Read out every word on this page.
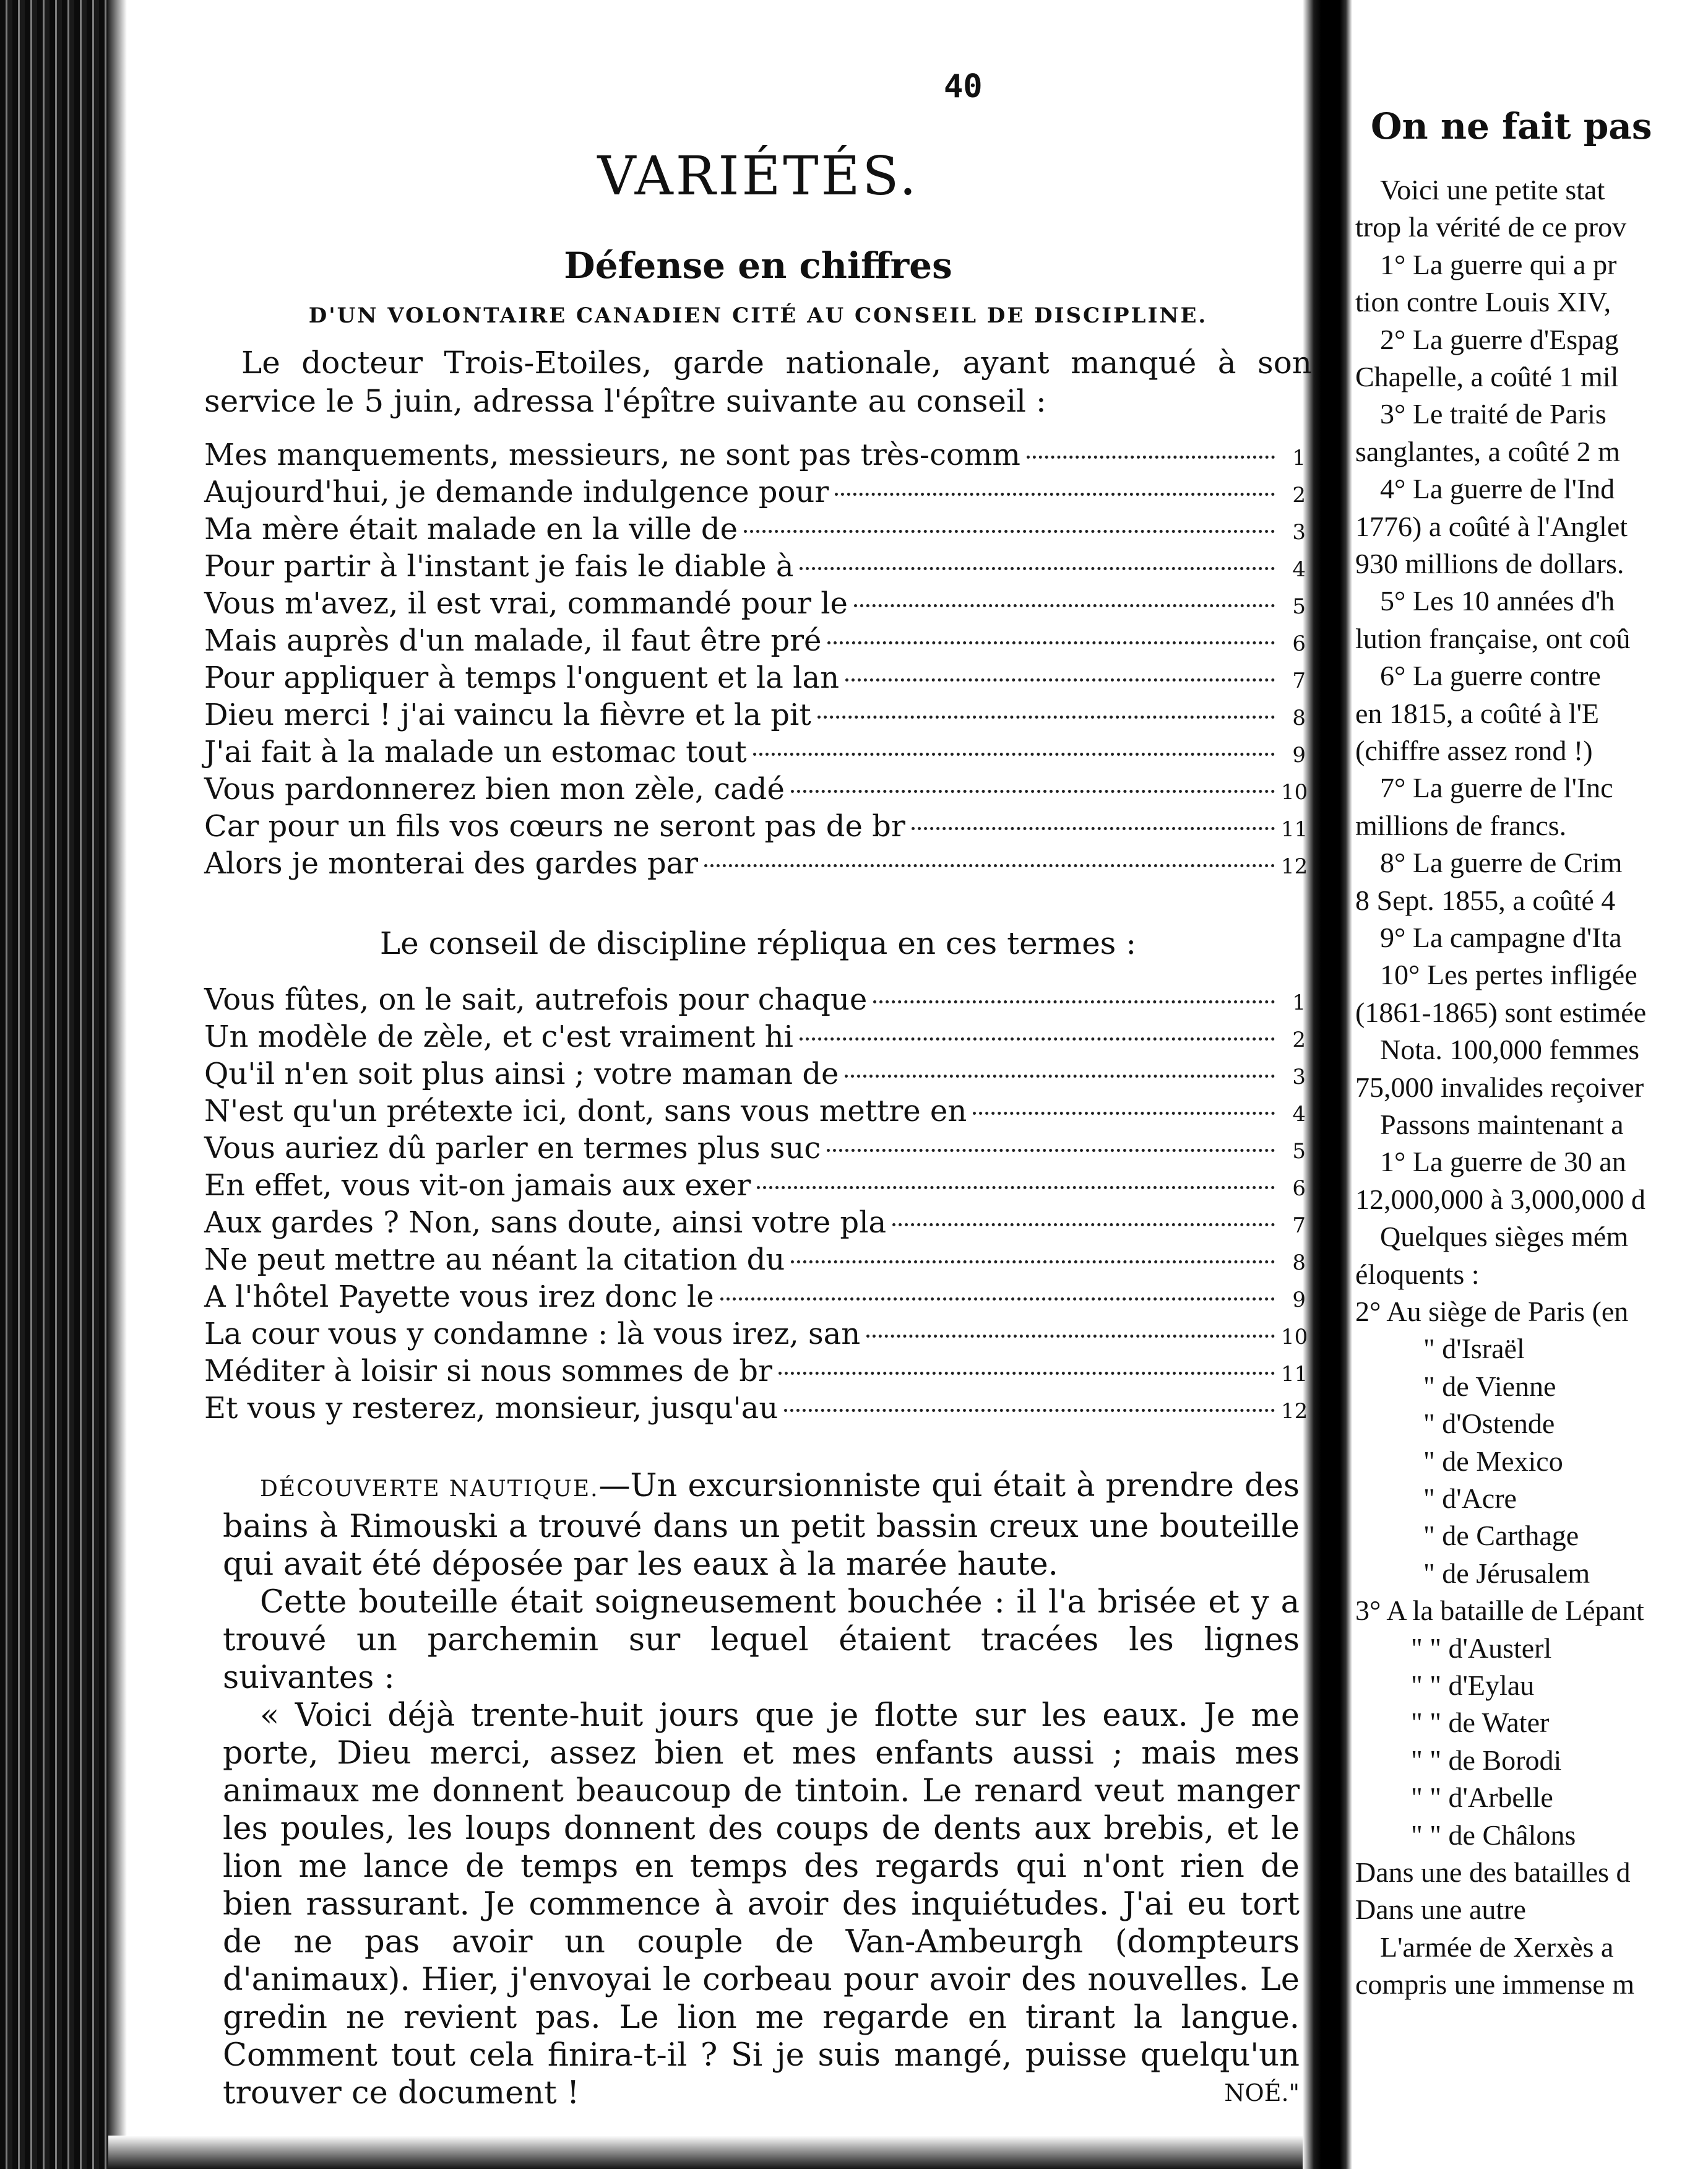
40
VARIÉTÉS.
Défense en chiffres
D'UN VOLONTAIRE CANADIEN CITÉ AU CONSEIL DE DISCIPLINE.
Le docteur Trois-Etoiles, garde nationale, ayant manqué à son service le 5 juin, adressa l'épître suivante au conseil :
Mes manquements, messieurs, ne sont pas très-comm	1
Aujourd'hui, je demande indulgence pour	2
Ma mère était malade en la ville de	3
Pour partir à l'instant je fais le diable à	4
Vous m'avez, il est vrai, commandé pour le	5
Mais auprès d'un malade, il faut être pré	6
Pour appliquer à temps l'onguent et la lan	7
Dieu merci ! j'ai vaincu la fièvre et la pit	8
J'ai fait à la malade un estomac tout	9
Vous pardonnerez bien mon zèle, cadé	10
Car pour un fils vos cœurs ne seront pas de br	11
Alors je monterai des gardes par	12
Le conseil de discipline répliqua en ces termes :
Vous fûtes, on le sait, autrefois pour chaque	1
Un modèle de zèle, et c'est vraiment hi	2
Qu'il n'en soit plus ainsi ; votre maman de	3
N'est qu'un prétexte ici, dont, sans vous mettre en	4
Vous auriez dû parler en termes plus suc	5
En effet, vous vit-on jamais aux exer	6
Aux gardes ? Non, sans doute, ainsi votre pla	7
Ne peut mettre au néant la citation du	8
A l'hôtel Payette vous irez donc le	9
La cour vous y condamne : là vous irez, san	10
Méditer à loisir si nous sommes de br	11
Et vous y resterez, monsieur, jusqu'au	12

DÉCOUVERTE NAUTIQUE.—Un excursionniste qui était à prendre des bains à Rimouski a trouvé dans un petit bassin creux une bouteille qui avait été déposée par les eaux à la marée haute.

Cette bouteille était soigneusement bouchée : il l'a brisée et y a trouvé un parchemin sur lequel étaient tracées les lignes suivantes :

« Voici déjà trente-huit jours que je flotte sur les eaux. Je me porte, Dieu merci, assez bien et mes enfants aussi ; mais mes animaux me donnent beaucoup de tintoin. Le renard veut manger les poules, les loups donnent des coups de dents aux brebis, et le lion me lance de temps en temps des regards qui n'ont rien de bien rassurant. Je commence à avoir des inquiétudes. J'ai eu tort de ne pas avoir un couple de Van-Ambeurgh (dompteurs d'animaux). Hier, j'envoyai le corbeau pour avoir des nouvelles. Le gredin ne revient pas. Le lion me regarde en tirant la langue. Comment tout cela finira-t-il ? Si je suis mangé, puisse quelqu'un trouver ce document !	NOÉ."

On ne fait pas
Voici une petite stat
trop la vérité de ce prov
1° La guerre qui a pr
tion contre Louis XIV,
2° La guerre d'Espag
Chapelle, a coûté 1 mil
3° Le traité de Paris
sanglantes, a coûté 2 m
4° La guerre de l'Ind
1776) a coûté à l'Anglet
930 millions de dollars.
5° Les 10 années d'h
lution française, ont coû
6° La guerre contre
en 1815, a coûté à l'E
(chiffre assez rond !)
7° La guerre de l'Inc
millions de francs.
8° La guerre de Crim
8 Sept. 1855, a coûté 4
9° La campagne d'Ita
10° Les pertes infligée
(1861-1865) sont estimée
Nota. 100,000 femmes
75,000 invalides reçoiver
Passons maintenant a
1° La guerre de 30 an
12,000,000 à 3,000,000 d
Quelques sièges mém
éloquents :
2° Au siège de Paris (en
" d'Israël
" de Vienne
" d'Ostende
" de Mexico
" d'Acre
" de Carthage
" de Jérusalem
3° A la bataille de Lépant
" " d'Austerl
" " d'Eylau
" " de Water
" " de Borodi
" " d'Arbelle
" " de Châlons
Dans une des batailles d
Dans une autre
L'armée de Xerxès a
compris une immense m
